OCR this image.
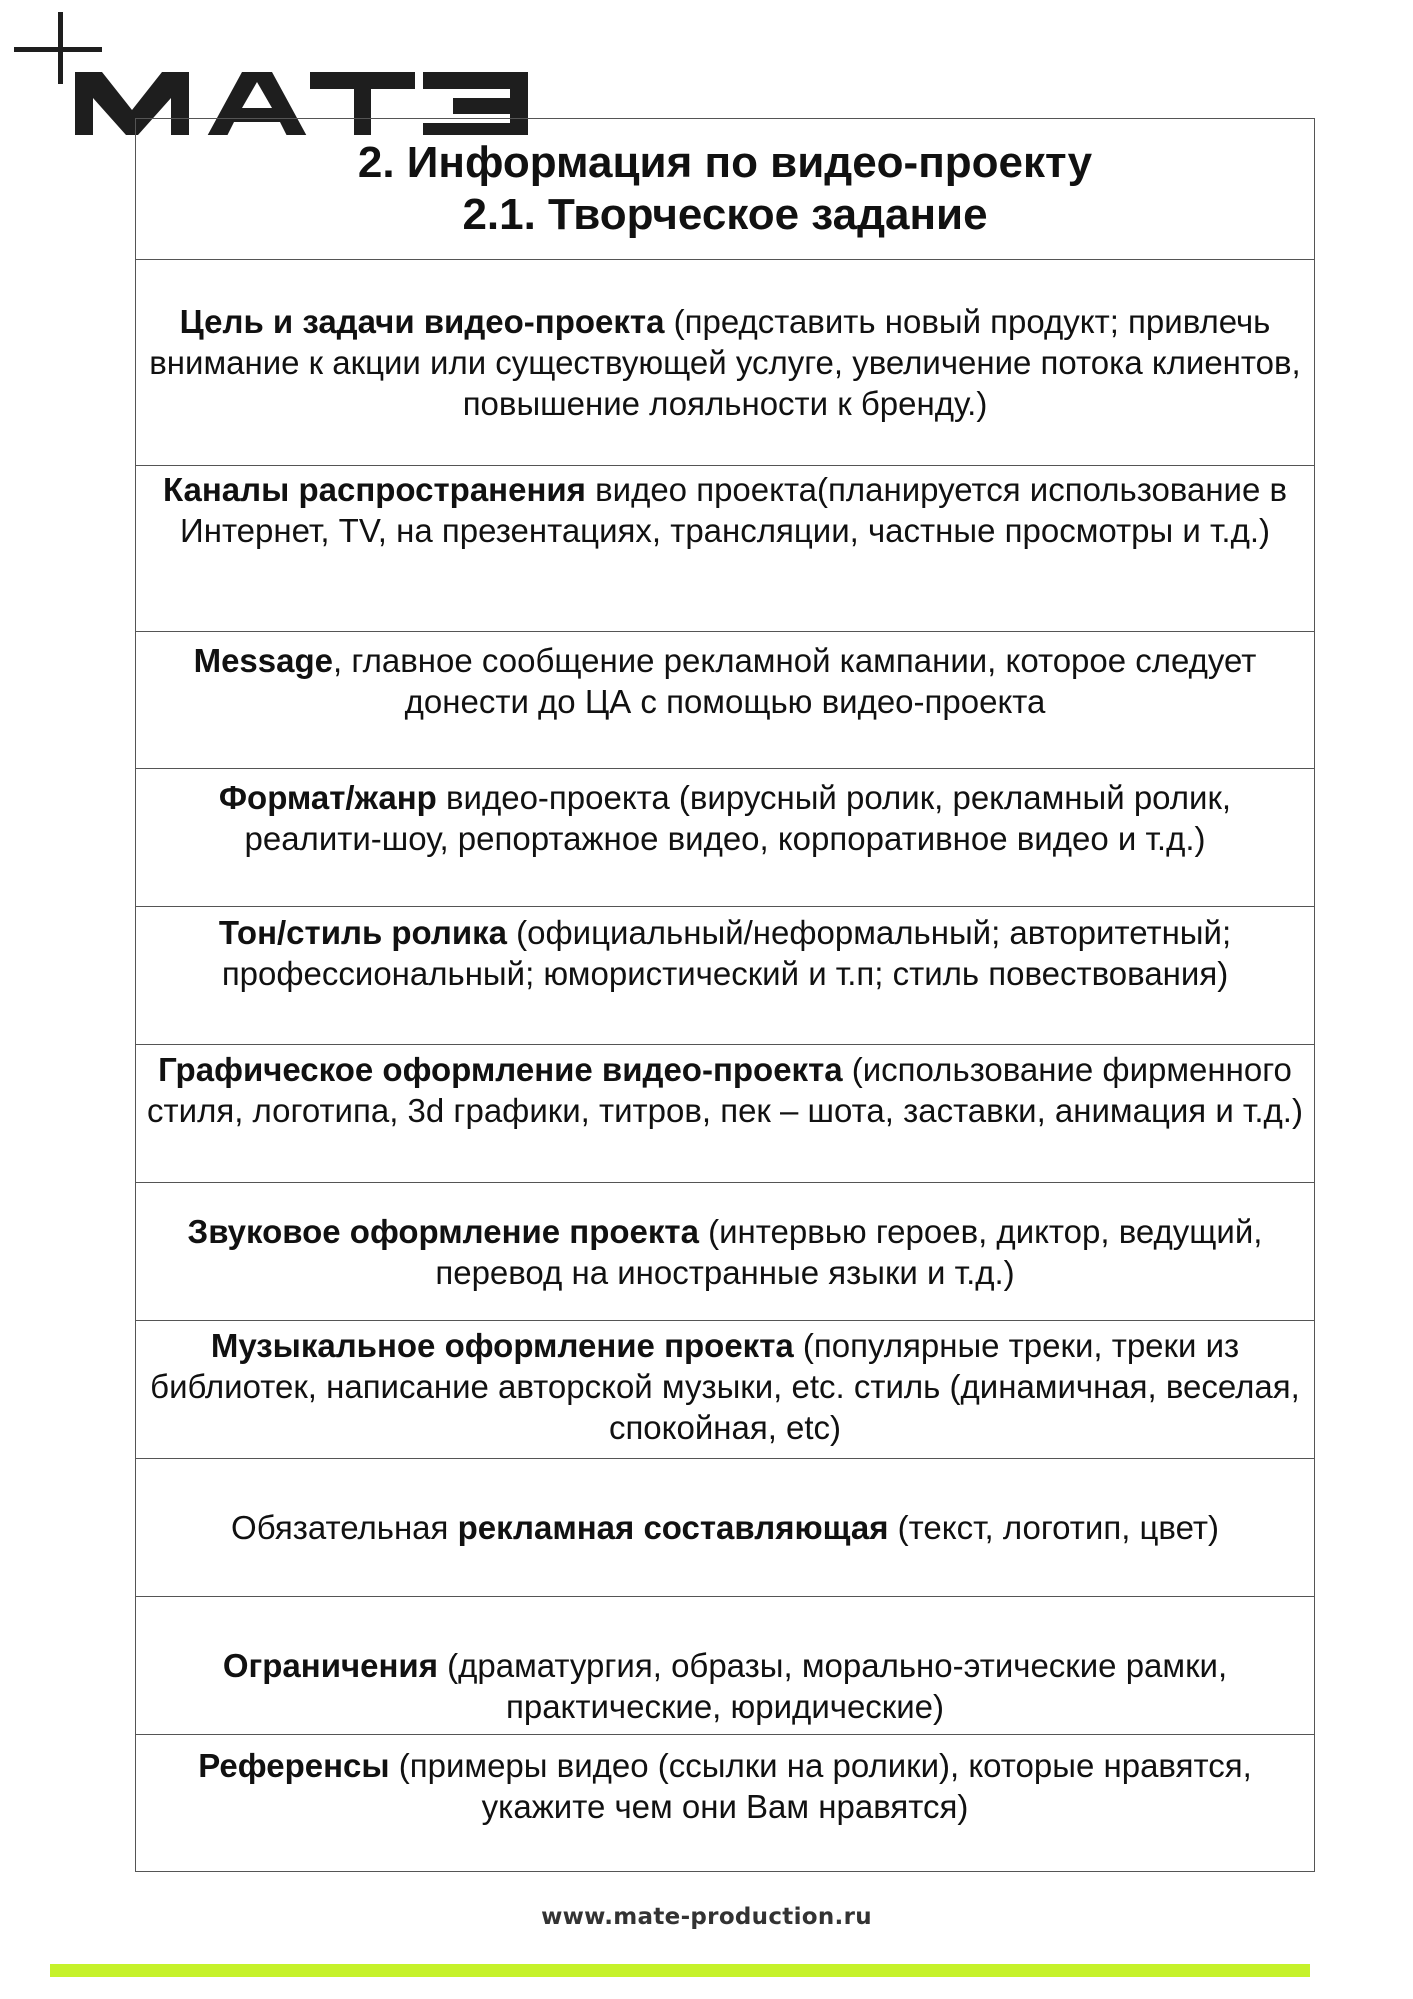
2. Информация по видео-проекту
2.1. Творческое задание
Цель и задачи видео-проекта (представить новый продукт; привлечь внимание к акции или существующей услуге, увеличение потока клиентов, повышение лояльности к бренду.)
Каналы распространения видео проекта(планируется использование в Интернет, TV, на презентациях, трансляции, частные просмотры и т.д.)
Message, главное сообщение рекламной кампании, которое следует донести до ЦА с помощью видео-проекта
Формат/жанр видео-проекта (вирусный ролик, рекламный ролик, реалити-шоу, репортажное видео, корпоративное видео и т.д.)
Тон/стиль ролика (официальный/неформальный; авторитетный; профессиональный; юмористический и т.п; стиль повествования)
Графическое оформление видео-проекта (использование фирменного стиля, логотипа, 3d графики, титров, пек – шота, заставки, анимация и т.д.)
Звуковое оформление проекта (интервью героев, диктор, ведущий, перевод на иностранные языки и т.д.)
Музыкальное оформление проекта (популярные треки, треки из библиотек, написание авторской музыки, etc. стиль (динамичная, веселая, спокойная, etc)
Обязательная рекламная составляющая (текст, логотип, цвет)
Ограничения (драматургия, образы, морально-этические рамки, практические, юридические)
Референсы (примеры видео (ссылки на ролики), которые нравятся, укажите чем они Вам нравятся)
www.mate-production.ru
